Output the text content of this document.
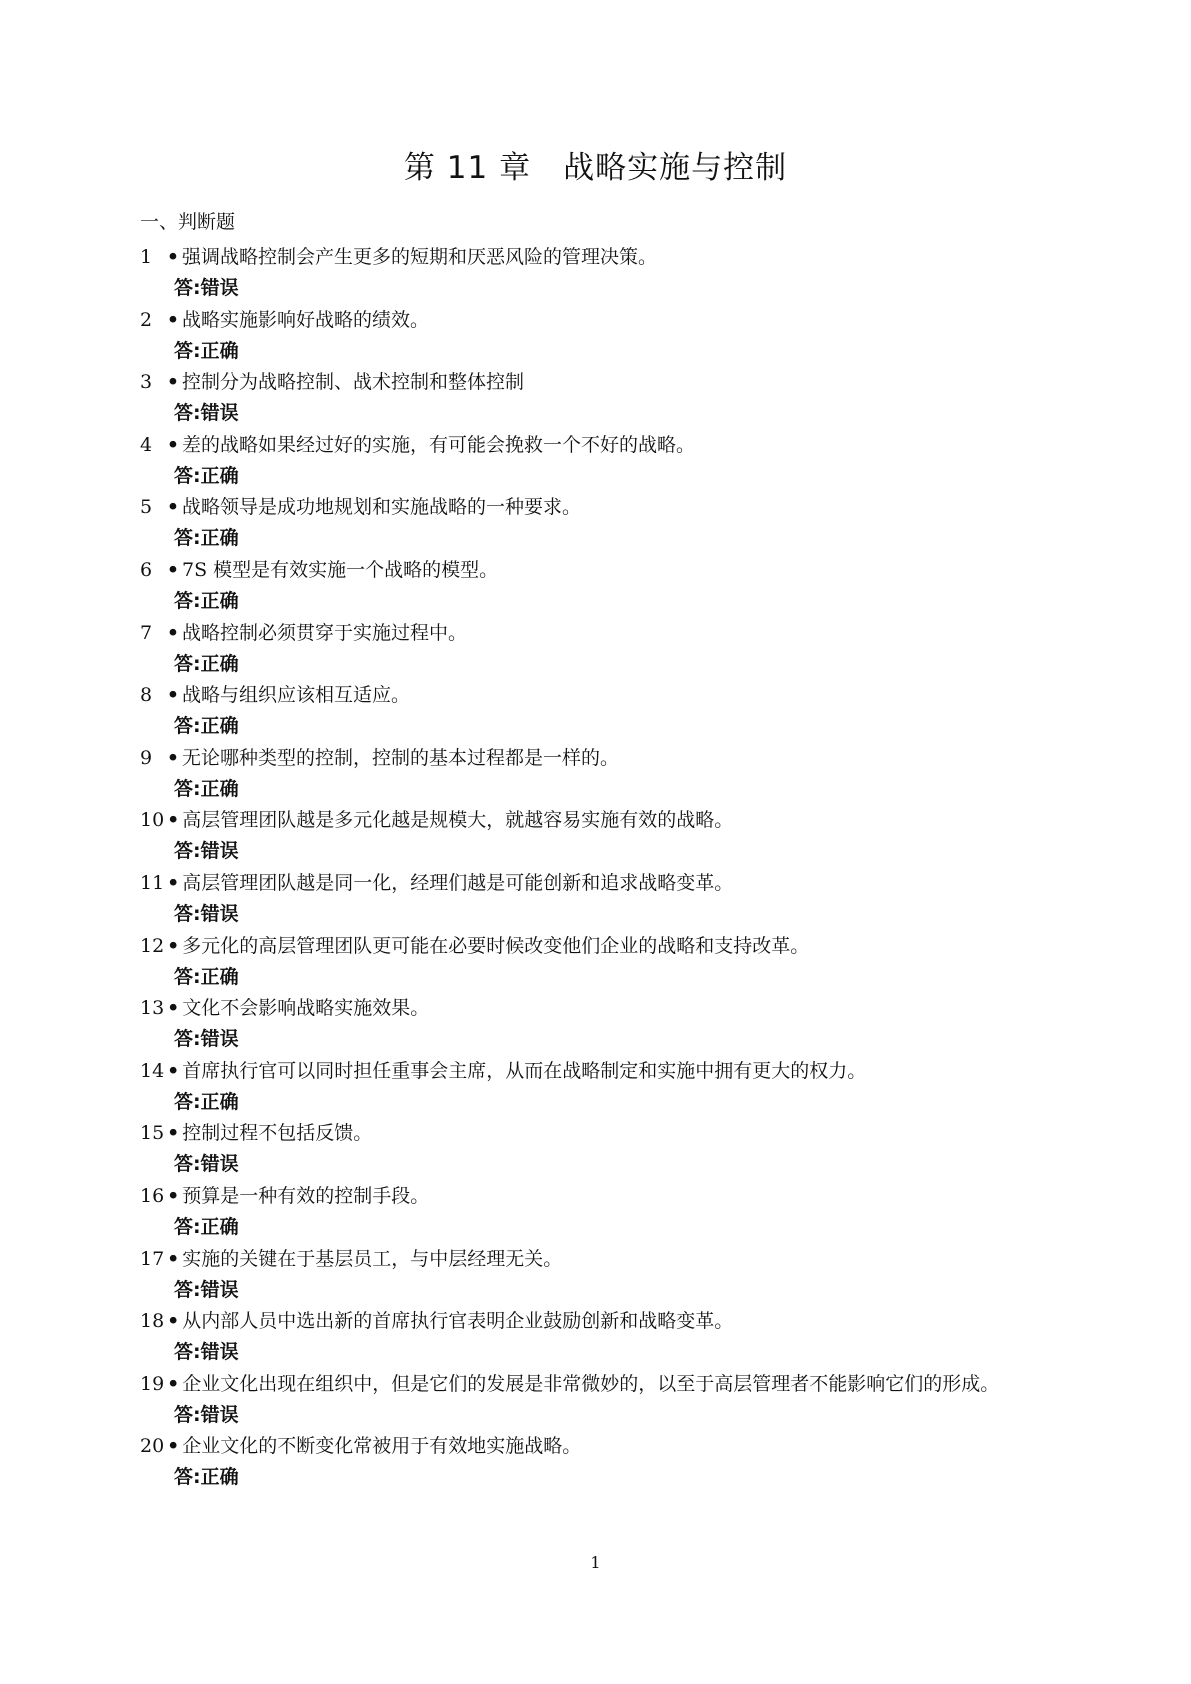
第 11 章　战略实施与控制
一、判断题
1 • 强调战略控制会产生更多的短期和厌恶风险的管理决策。
答:错误
2 • 战略实施影响好战略的绩效。
答:正确
3 • 控制分为战略控制、战术控制和整体控制
答:错误
4 • 差的战略如果经过好的实施，有可能会挽救一个不好的战略。
答:正确
5 • 战略领导是成功地规划和实施战略的一种要求。
答:正确
6 • 7S 模型是有效实施一个战略的模型。
答:正确
7 • 战略控制必须贯穿于实施过程中。
答:正确
8 • 战略与组织应该相互适应。
答:正确
9 • 无论哪种类型的控制，控制的基本过程都是一样的。
答:正确
10 • 高层管理团队越是多元化越是规模大，就越容易实施有效的战略。
答:错误
11 • 高层管理团队越是同一化，经理们越是可能创新和追求战略变革。
答:错误
12 • 多元化的高层管理团队更可能在必要时候改变他们企业的战略和支持改革。
答:正确
13 • 文化不会影响战略实施效果。
答:错误
14 • 首席执行官可以同时担任重事会主席，从而在战略制定和实施中拥有更大的权力。
答:正确
15 • 控制过程不包括反馈。
答:错误
16 • 预算是一种有效的控制手段。
答:正确
17 • 实施的关键在于基层员工，与中层经理无关。
答:错误
18 • 从内部人员中选出新的首席执行官表明企业鼓励创新和战略变革。
答:错误
19 • 企业文化出现在组织中，但是它们的发展是非常微妙的，以至于高层管理者不能影响它们的形成。
答:错误
20 • 企业文化的不断变化常被用于有效地实施战略。
答:正确
1
